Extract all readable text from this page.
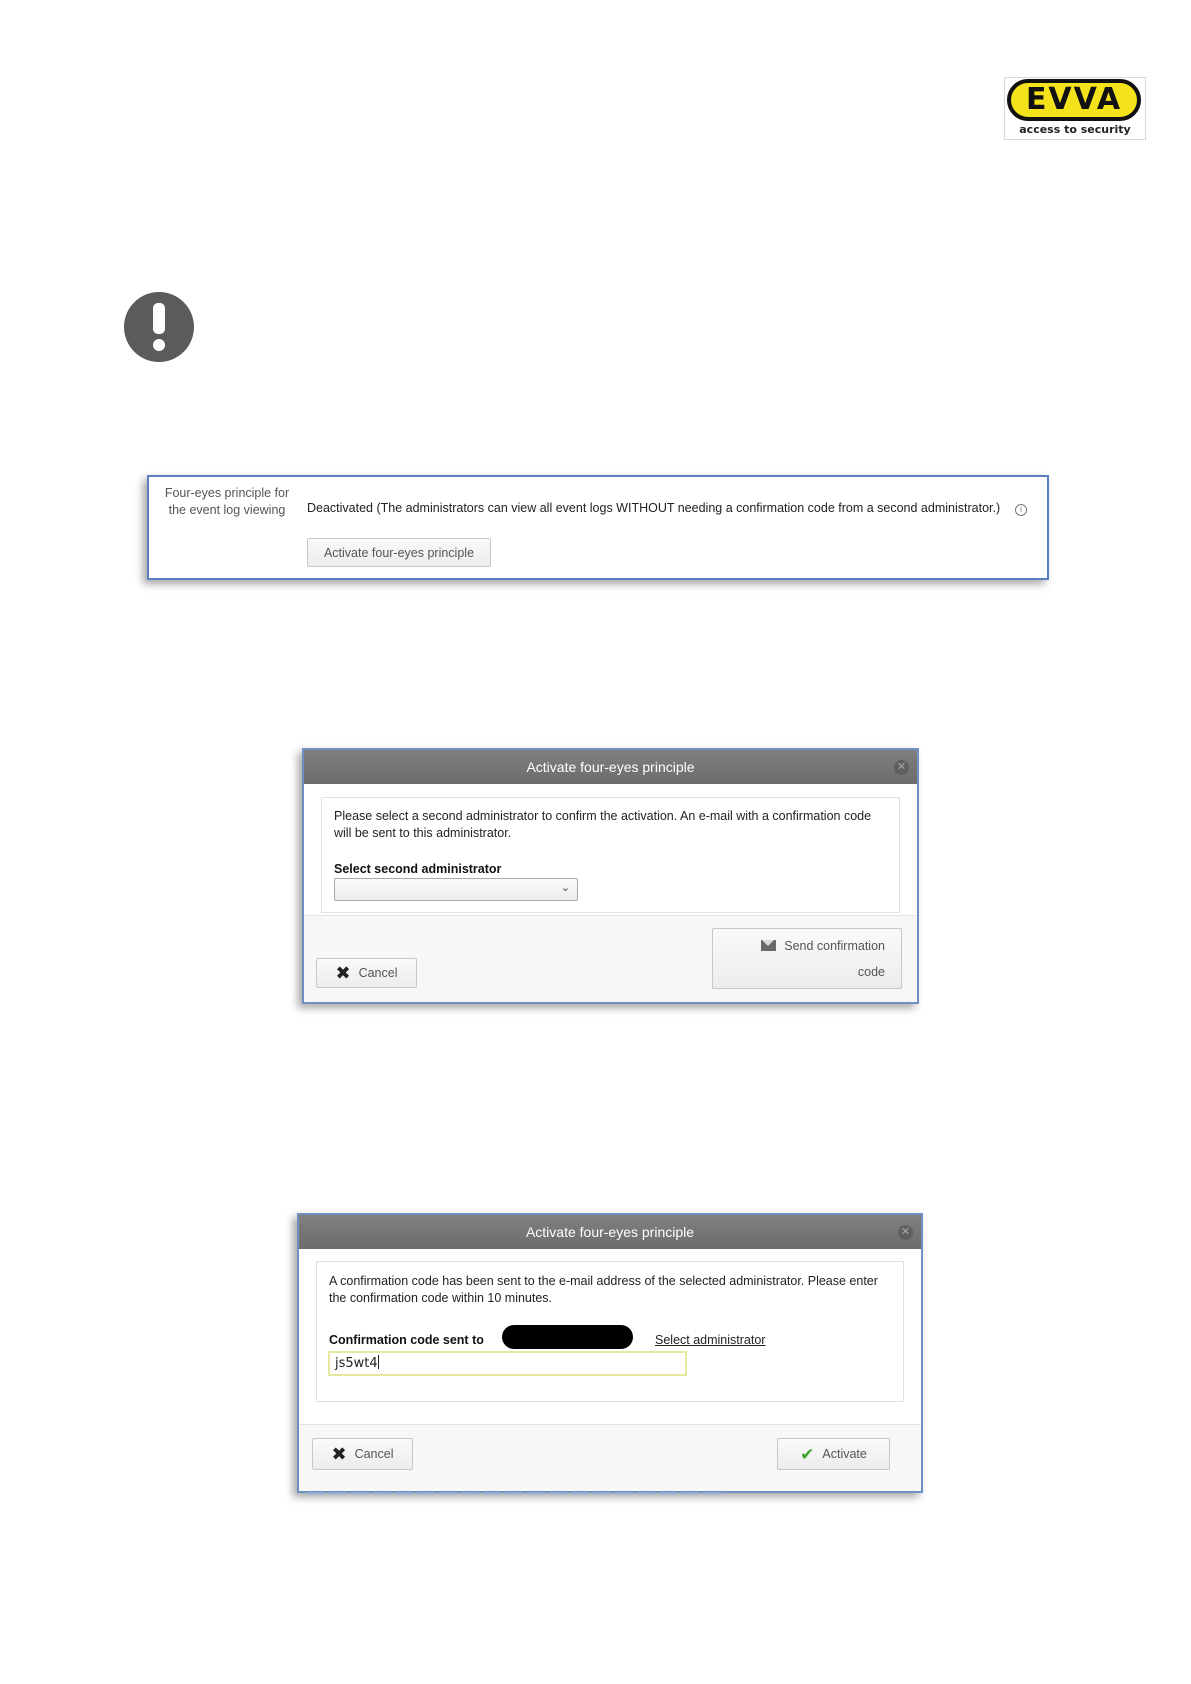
EVVA
access to security
Four-eyes principle for the event log viewing	Deactivated (The administrators can view all event logs WITHOUT needing a confirmation code from a second administrator.)	i
Activate four-eyes principle
Activate four-eyes principle	✕
Please select a second administrator to confirm the activation. An e-mail with a confirmation code will be sent to this administrator.
Select second administrator
⌄
✖ Cancel
Send confirmation
code
Activate four-eyes principle	✕
A confirmation code has been sent to the e-mail address of the selected administrator. Please enter the confirmation code within 10 minutes.
Confirmation code sent to	Select administrator
js5wt4
✖ Cancel	✔ Activate
